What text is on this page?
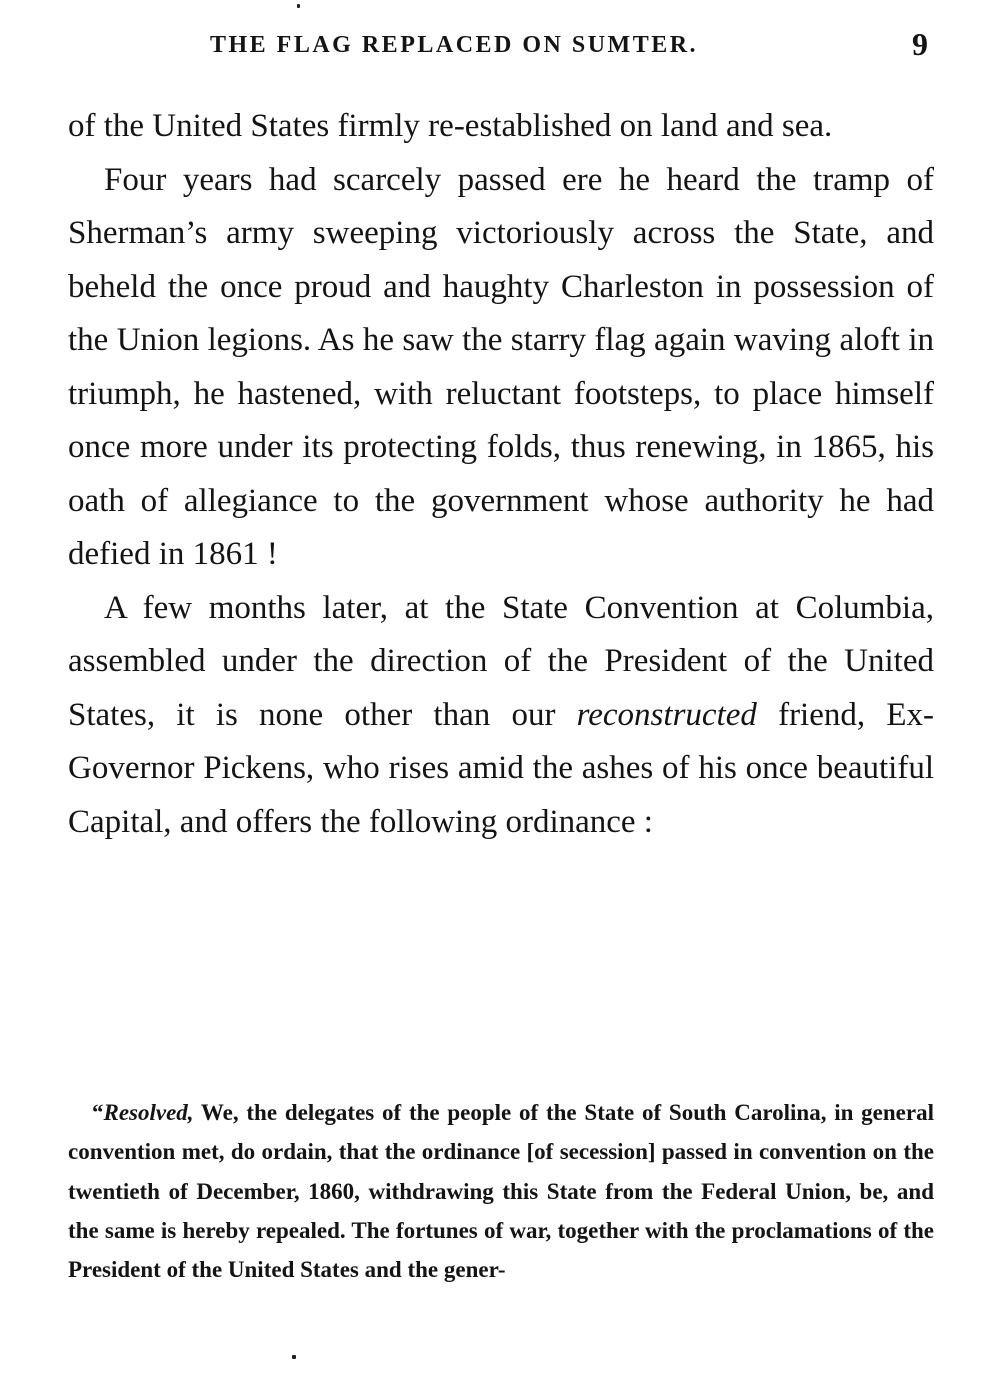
THE FLAG REPLACED ON SUMTER.	9

of the United States firmly re-established on land and sea.

Four years had scarcely passed ere he heard the tramp of Sherman’s army sweeping victoriously across the State, and beheld the once proud and haughty Charleston in possession of the Union legions. As he saw the starry flag again waving aloft in triumph, he hastened, with reluctant footsteps, to place himself once more under its protecting folds, thus renewing, in 1865, his oath of allegiance to the government whose authority he had defied in 1861 !

A few months later, at the State Convention at Columbia, assembled under the direction of the President of the United States, it is none other than our reconstructed friend, Ex-Governor Pickens, who rises amid the ashes of his once beautiful Capital, and offers the following ordinance :

“Resolved, We, the delegates of the people of the State of South Carolina, in general convention met, do ordain, that the ordinance [of secession] passed in convention on the twentieth of December, 1860, withdrawing this State from the Federal Union, be, and the same is hereby repealed. The fortunes of war, together with the proclamations of the President of the United States and the gener-
